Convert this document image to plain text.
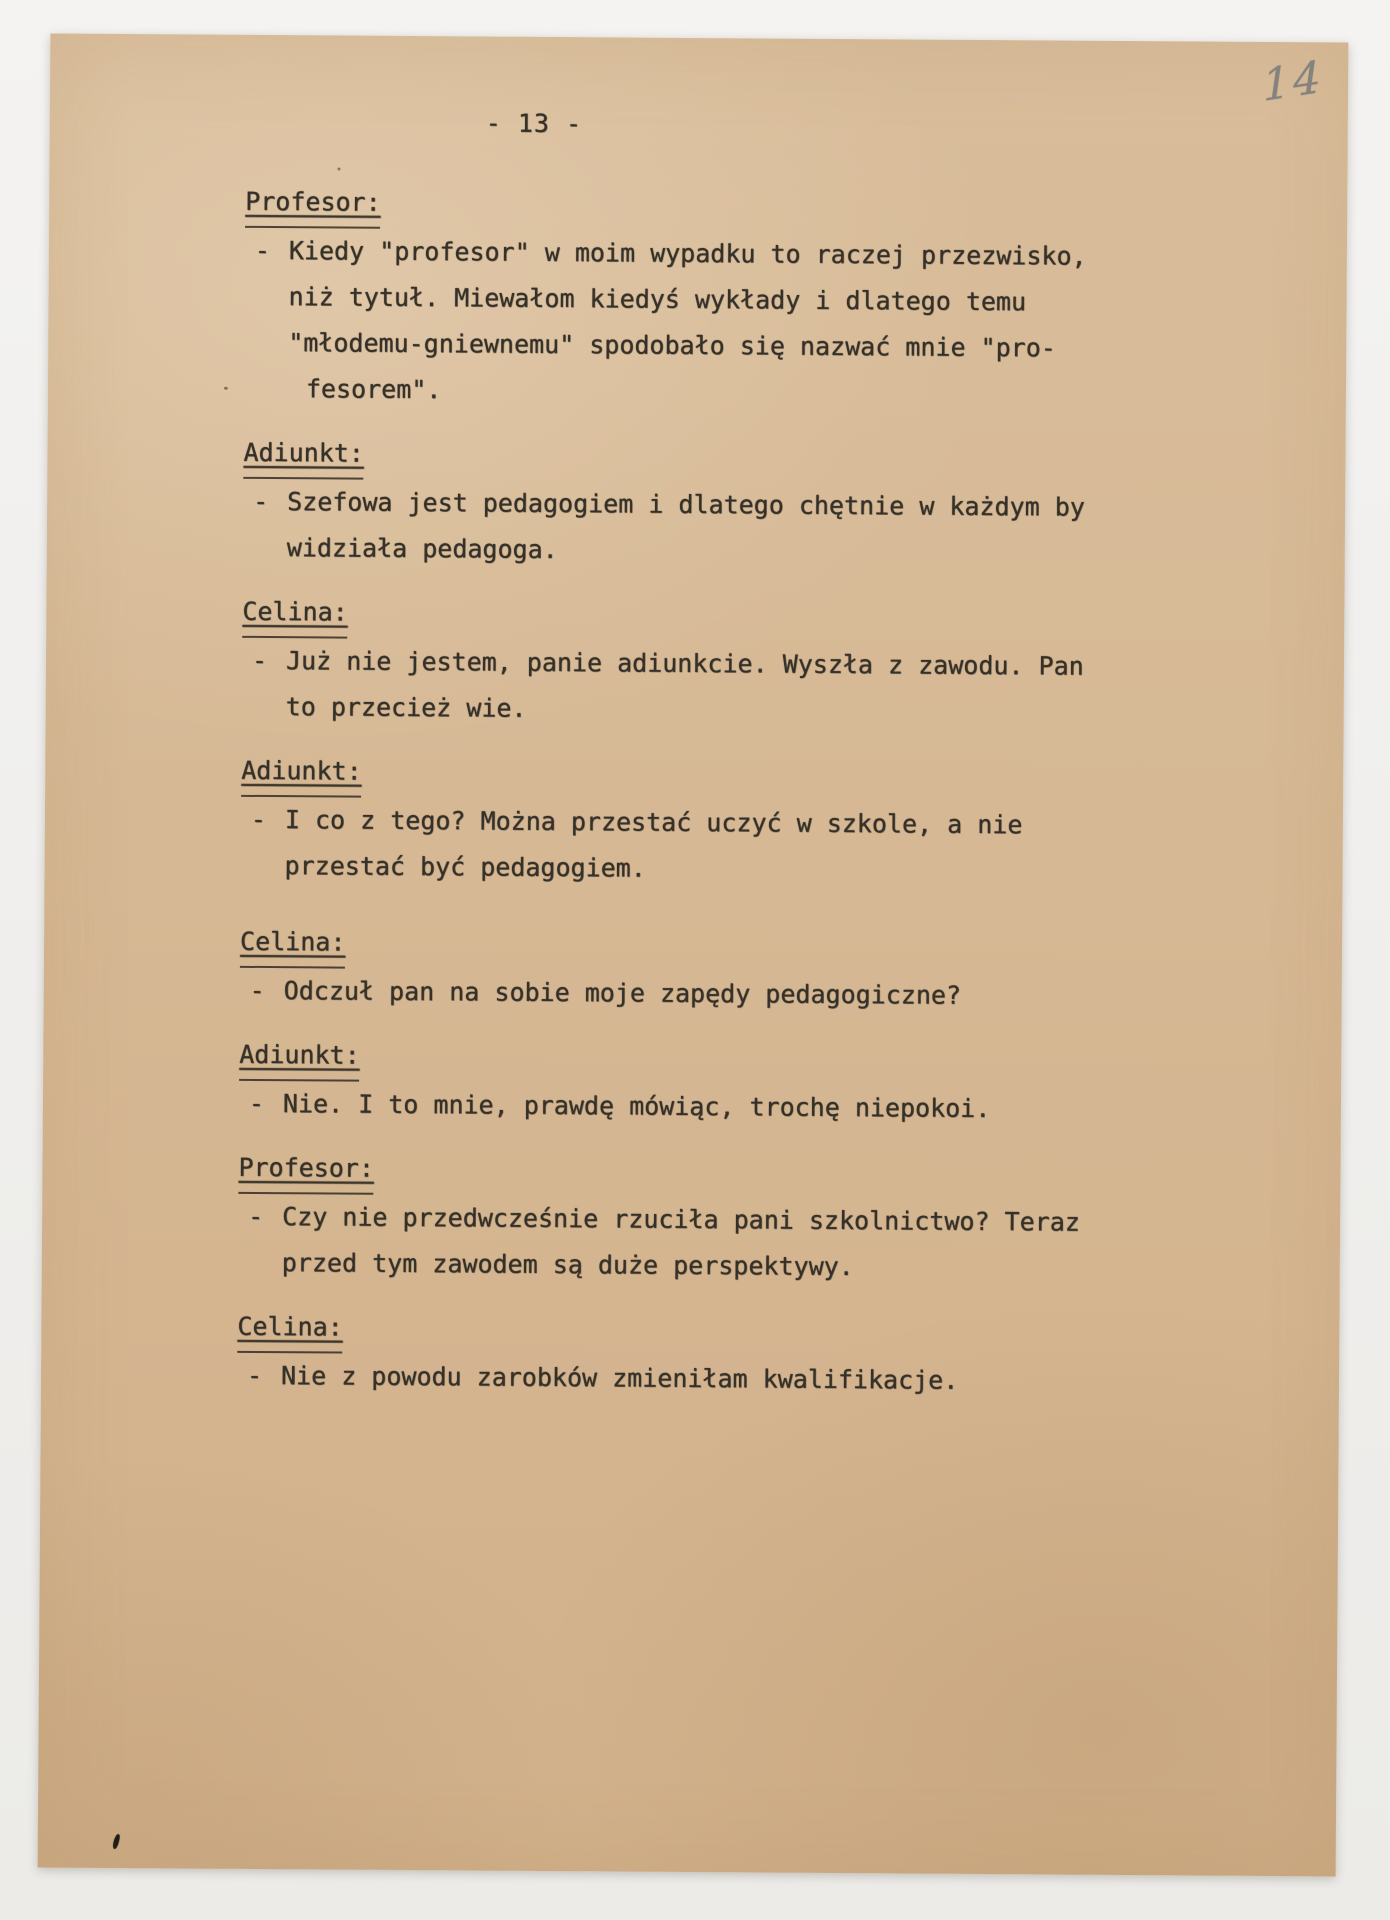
14
- 13 -
Profesor:
- Kiedy "profesor" w moim wypadku to raczej przezwisko,
niż tytuł. Miewałom kiedyś wykłady i dlatego temu
"młodemu-gniewnemu" spodobało się nazwać mnie "pro-
fesorem".
Adiunkt:
- Szefowa jest pedagogiem i dlatego chętnie w każdym by
widziała pedagoga.
Celina:
- Już nie jestem, panie adiunkcie. Wyszła z zawodu. Pan
to przecież wie.
Adiunkt:
- I co z tego? Można przestać uczyć w szkole, a nie
przestać być pedagogiem.
Celina:
- Odczuł pan na sobie moje zapędy pedagogiczne?
Adiunkt:
- Nie. I to mnie, prawdę mówiąc, trochę niepokoi.
Profesor:
- Czy nie przedwcześnie rzuciła pani szkolnictwo? Teraz
przed tym zawodem są duże perspektywy.
Celina:
- Nie z powodu zarobków zmieniłam kwalifikacje.
